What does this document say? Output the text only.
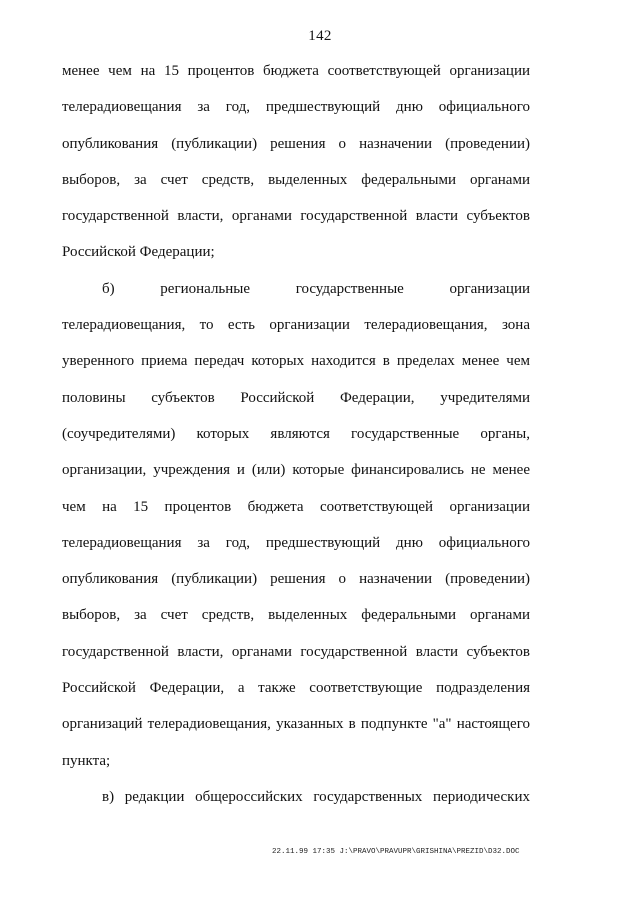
142
менее чем на 15 процентов бюджета соответствующей организации
телерадиовещания за год, предшествующий дню официального
опубликования (публикации) решения о назначении (проведении)
выборов, за счет средств, выделенных федеральными органами
государственной власти, органами государственной власти субъектов
Российской Федерации;
б) региональные государственные организации
телерадиовещания, то есть организации телерадиовещания, зона
уверенного приема передач которых находится в пределах менее чем
половины субъектов Российской Федерации, учредителями
(соучредителями) которых являются государственные органы,
организации, учреждения и (или) которые финансировались не менее
чем на 15 процентов бюджета соответствующей организации
телерадиовещания за год, предшествующий дню официального
опубликования (публикации) решения о назначении (проведении)
выборов, за счет средств, выделенных федеральными органами
государственной власти, органами государственной власти субъектов
Российской Федерации, а также соответствующие подразделения
организаций телерадиовещания, указанных в подпункте "а" настоящего
пункта;
в) редакции общероссийских государственных периодических
22.11.99 17:35 J:\PRAVO\PRAVUPR\GRISHINA\PREZID\D32.DOC
